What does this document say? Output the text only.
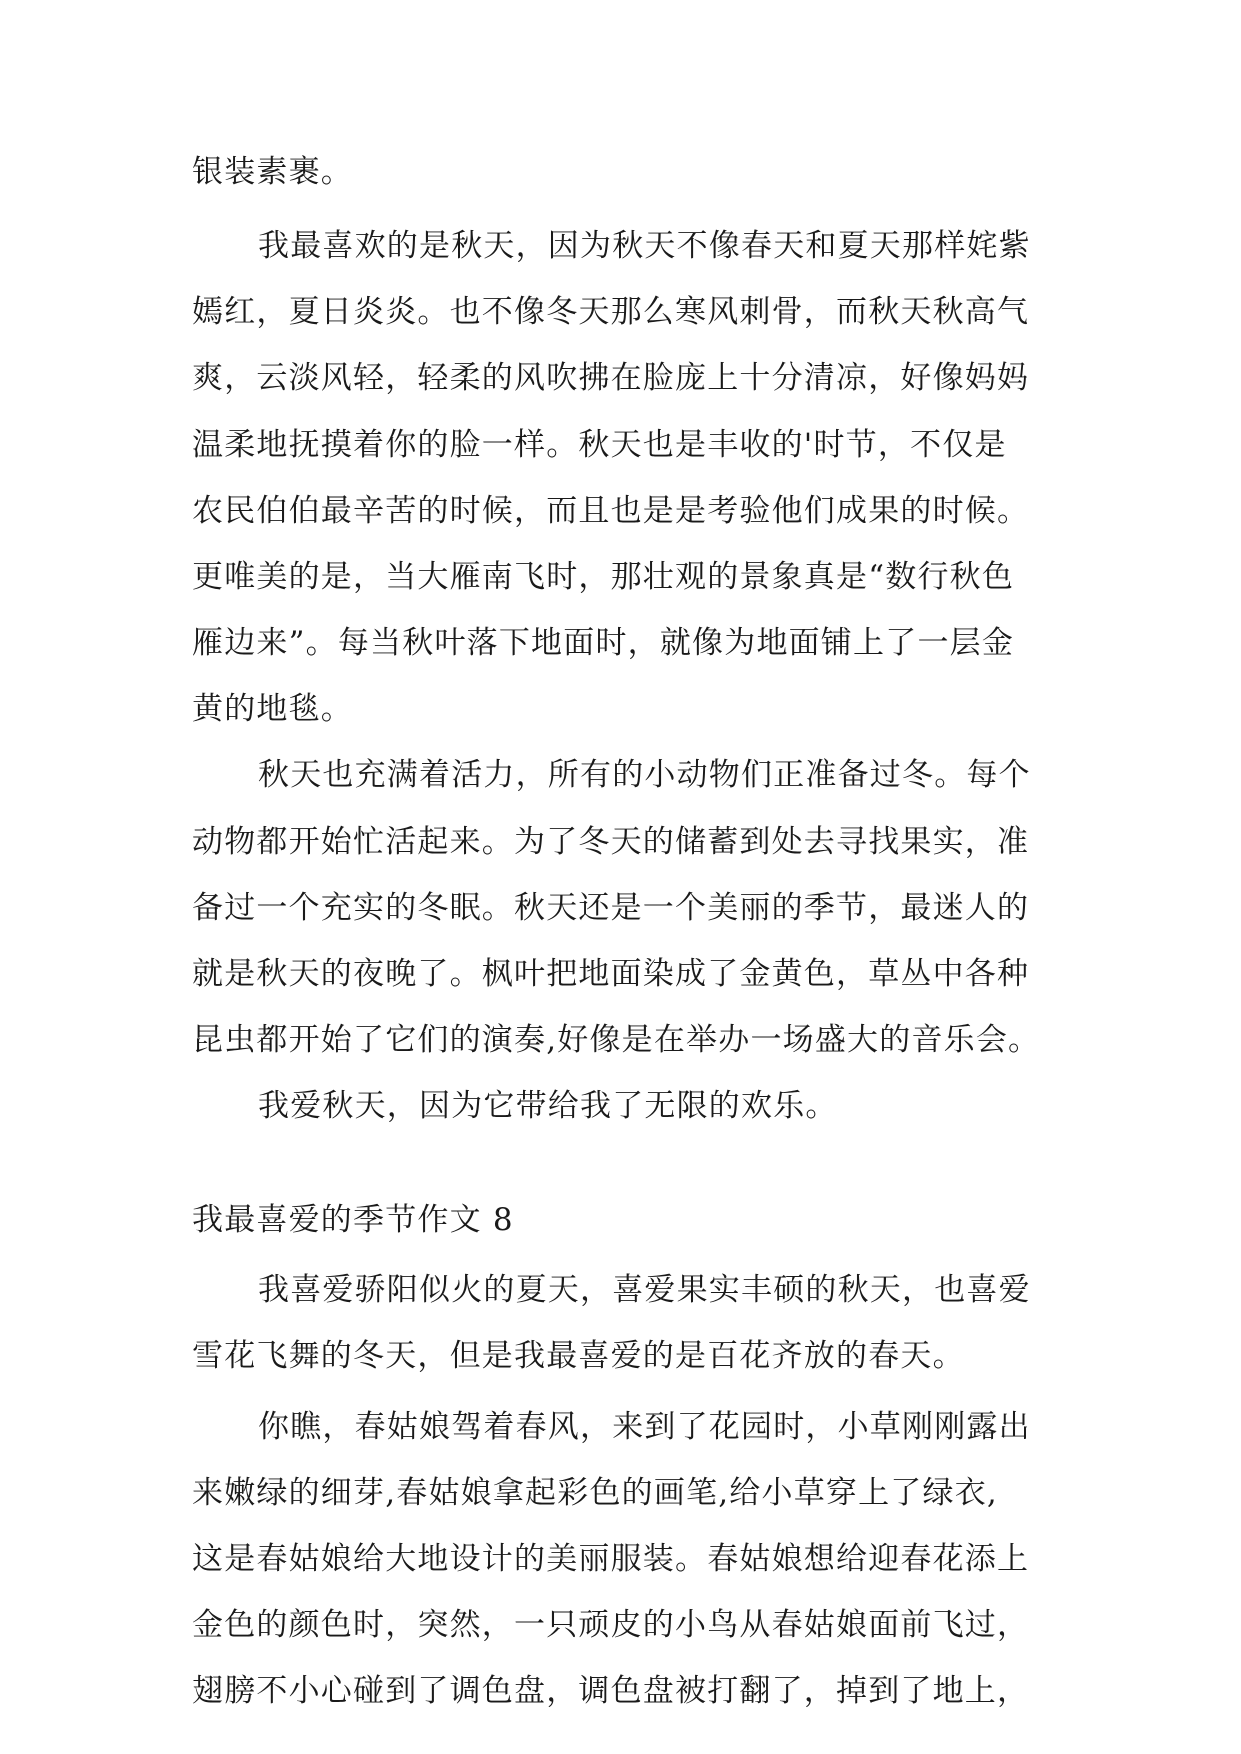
银装素裹。
我最喜欢的是秋天，因为秋天不像春天和夏天那样姹紫
嫣红，夏日炎炎。也不像冬天那么寒风刺骨，而秋天秋高气
爽，云淡风轻，轻柔的风吹拂在脸庞上十分清凉，好像妈妈
温柔地抚摸着你的脸一样。秋天也是丰收的'时节，不仅是
农民伯伯最辛苦的时候，而且也是是考验他们成果的时候。
更唯美的是，当大雁南飞时，那壮观的景象真是“数行秋色
雁边来”。每当秋叶落下地面时，就像为地面铺上了一层金
黄的地毯。
秋天也充满着活力，所有的小动物们正准备过冬。每个
动物都开始忙活起来。为了冬天的储蓄到处去寻找果实，准
备过一个充实的冬眠。秋天还是一个美丽的季节，最迷人的
就是秋天的夜晚了。枫叶把地面染成了金黄色，草丛中各种
昆虫都开始了它们的演奏,好像是在举办一场盛大的音乐会。
我爱秋天，因为它带给我了无限的欢乐。
我最喜爱的季节作文 8
我喜爱骄阳似火的夏天，喜爱果实丰硕的秋天，也喜爱
雪花飞舞的冬天，但是我最喜爱的是百花齐放的春天。
你瞧，春姑娘驾着春风，来到了花园时，小草刚刚露出
来嫩绿的细芽,春姑娘拿起彩色的画笔,给小草穿上了绿衣,
这是春姑娘给大地设计的美丽服装。春姑娘想给迎春花添上
金色的颜色时，突然，一只顽皮的小鸟从春姑娘面前飞过，
翅膀不小心碰到了调色盘，调色盘被打翻了，掉到了地上，
